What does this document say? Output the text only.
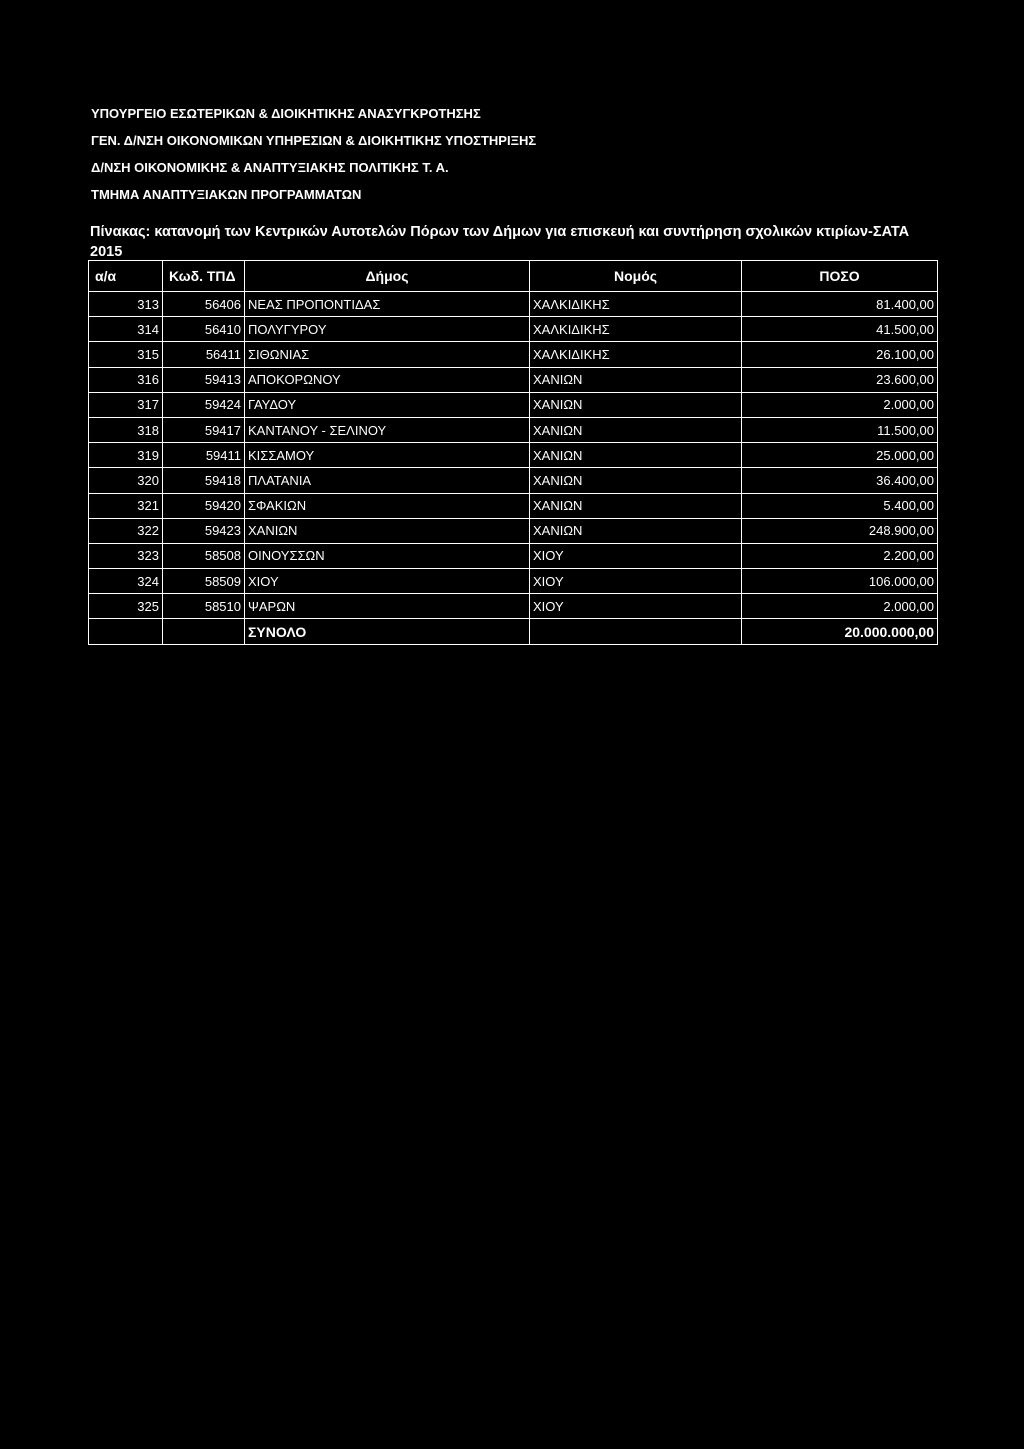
ΥΠΟΥΡΓΕΙΟ ΕΣΩΤΕΡΙΚΩΝ & ΔΙΟΙΚΗΤΙΚΗΣ ΑΝΑΣΥΓΚΡΟΤΗΣΗΣ
ΓΕΝ. Δ/ΝΣΗ ΟΙΚΟΝΟΜΙΚΩΝ ΥΠΗΡΕΣΙΩΝ & ΔΙΟΙΚΗΤΙΚΗΣ ΥΠΟΣΤΗΡΙΞΗΣ
Δ/ΝΣΗ ΟΙΚΟΝΟΜΙΚΗΣ & ΑΝΑΠΤΥΞΙΑΚΗΣ ΠΟΛΙΤΙΚΗΣ Τ. Α.
ΤΜΗΜΑ ΑΝΑΠΤΥΞΙΑΚΩΝ ΠΡΟΓΡΑΜΜΑΤΩΝ
Πίνακας: κατανομή των Κεντρικών Αυτοτελών Πόρων των Δήμων για επισκευή και συντήρηση σχολικών κτιρίων-ΣΑΤΑ 2015
α/α	Κωδ. ΤΠΔ	Δήμος	Νομός	ΠΟΣΟ
313	56406	ΝΕΑΣ ΠΡΟΠΟΝΤΙΔΑΣ	ΧΑΛΚΙΔΙΚΗΣ	81.400,00
314	56410	ΠΟΛΥΓΥΡΟΥ	ΧΑΛΚΙΔΙΚΗΣ	41.500,00
315	56411	ΣΙΘΩΝΙΑΣ	ΧΑΛΚΙΔΙΚΗΣ	26.100,00
316	59413	ΑΠΟΚΟΡΩΝΟΥ	ΧΑΝΙΩΝ	23.600,00
317	59424	ΓΑΥΔΟΥ	ΧΑΝΙΩΝ	2.000,00
318	59417	ΚΑΝΤΑΝΟΥ - ΣΕΛΙΝΟΥ	ΧΑΝΙΩΝ	11.500,00
319	59411	ΚΙΣΣΑΜΟΥ	ΧΑΝΙΩΝ	25.000,00
320	59418	ΠΛΑΤΑΝΙΑ	ΧΑΝΙΩΝ	36.400,00
321	59420	ΣΦΑΚΙΩΝ	ΧΑΝΙΩΝ	5.400,00
322	59423	ΧΑΝΙΩΝ	ΧΑΝΙΩΝ	248.900,00
323	58508	ΟΙΝΟΥΣΣΩΝ	ΧΙΟΥ	2.200,00
324	58509	ΧΙΟΥ	ΧΙΟΥ	106.000,00
325	58510	ΨΑΡΩΝ	ΧΙΟΥ	2.000,00
		ΣΥΝΟΛΟ		20.000.000,00
